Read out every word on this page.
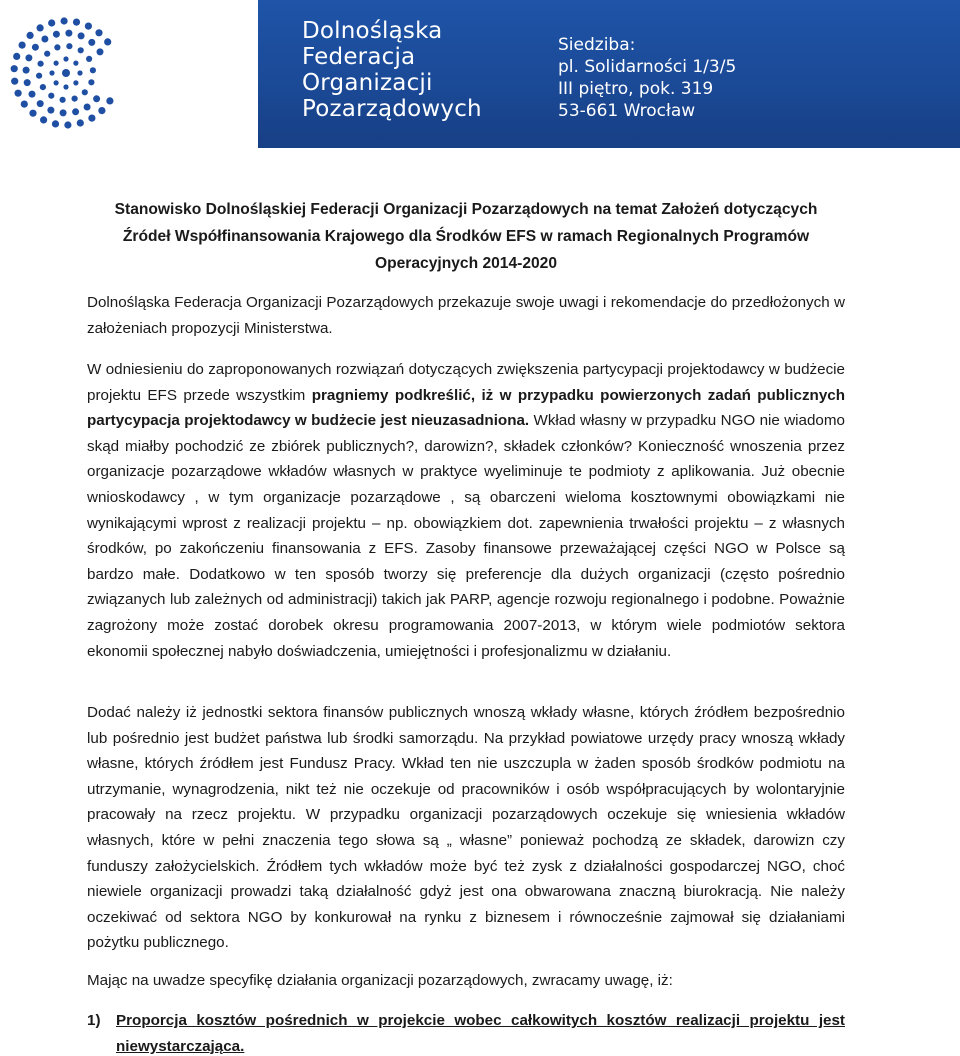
Dolnośląska
Federacja
Organizacji
Pozarządowych
Siedziba:
pl. Solidarności 1/3/5
III piętro, pok. 319
53-661 Wrocław
Stanowisko Dolnośląskiej Federacji Organizacji Pozarządowych na temat Założeń dotyczących
Źródeł Współfinansowania Krajowego dla Środków EFS w ramach Regionalnych Programów
Operacyjnych 2014-2020

Dolnośląska Federacja Organizacji Pozarządowych przekazuje swoje uwagi i rekomendacje do przedłożonych w założeniach propozycji Ministerstwa.

W odniesieniu do zaproponowanych rozwiązań dotyczących zwiększenia partycypacji projektodawcy w budżecie projektu EFS przede wszystkim pragniemy podkreślić, iż w przypadku powierzonych zadań publicznych partycypacja projektodawcy w budżecie jest nieuzasadniona. Wkład własny w przypadku NGO nie wiadomo skąd miałby pochodzić ze zbiórek publicznych?, darowizn?, składek członków? Konieczność wnoszenia przez organizacje pozarządowe wkładów własnych w praktyce wyeliminuje te podmioty z aplikowania. Już obecnie wnioskodawcy , w tym organizacje pozarządowe , są obarczeni wieloma kosztownymi obowiązkami nie wynikającymi wprost z realizacji projektu – np. obowiązkiem dot. zapewnienia trwałości projektu – z własnych środków, po zakończeniu finansowania z EFS. Zasoby finansowe przeważającej części NGO w Polsce są bardzo małe. Dodatkowo w ten sposób tworzy się preferencje dla dużych organizacji (często pośrednio związanych lub zależnych od administracji) takich jak PARP, agencje rozwoju regionalnego i podobne. Poważnie zagrożony może zostać dorobek okresu programowania 2007-2013, w którym wiele podmiotów sektora ekonomii społecznej nabyło doświadczenia, umiejętności i profesjonalizmu w działaniu.

Dodać należy iż jednostki sektora finansów publicznych wnoszą wkłady własne, których źródłem bezpośrednio lub pośrednio jest budżet państwa lub środki samorządu. Na przykład powiatowe urzędy pracy wnoszą wkłady własne, których źródłem jest Fundusz Pracy. Wkład ten nie uszczupla w żaden sposób środków podmiotu na utrzymanie, wynagrodzenia, nikt też nie oczekuje od pracowników i osób współpracujących by wolontaryjnie pracowały na rzecz projektu. W przypadku organizacji pozarządowych oczekuje się wniesienia wkładów własnych, które w pełni znaczenia tego słowa są „ własne” ponieważ pochodzą ze składek, darowizn czy funduszy założycielskich. Źródłem tych wkładów może być też zysk z działalności gospodarczej NGO, choć niewiele organizacji prowadzi taką działalność gdyż jest ona obwarowana znaczną biurokracją. Nie należy oczekiwać od sektora NGO by konkurował na rynku z biznesem i równocześnie zajmował się działaniami pożytku publicznego.

Mając na uwadze specyfikę działania organizacji pozarządowych, zwracamy uwagę, iż:

1) Proporcja kosztów pośrednich w projekcie wobec całkowitych kosztów realizacji projektu jest niewystarczająca.
